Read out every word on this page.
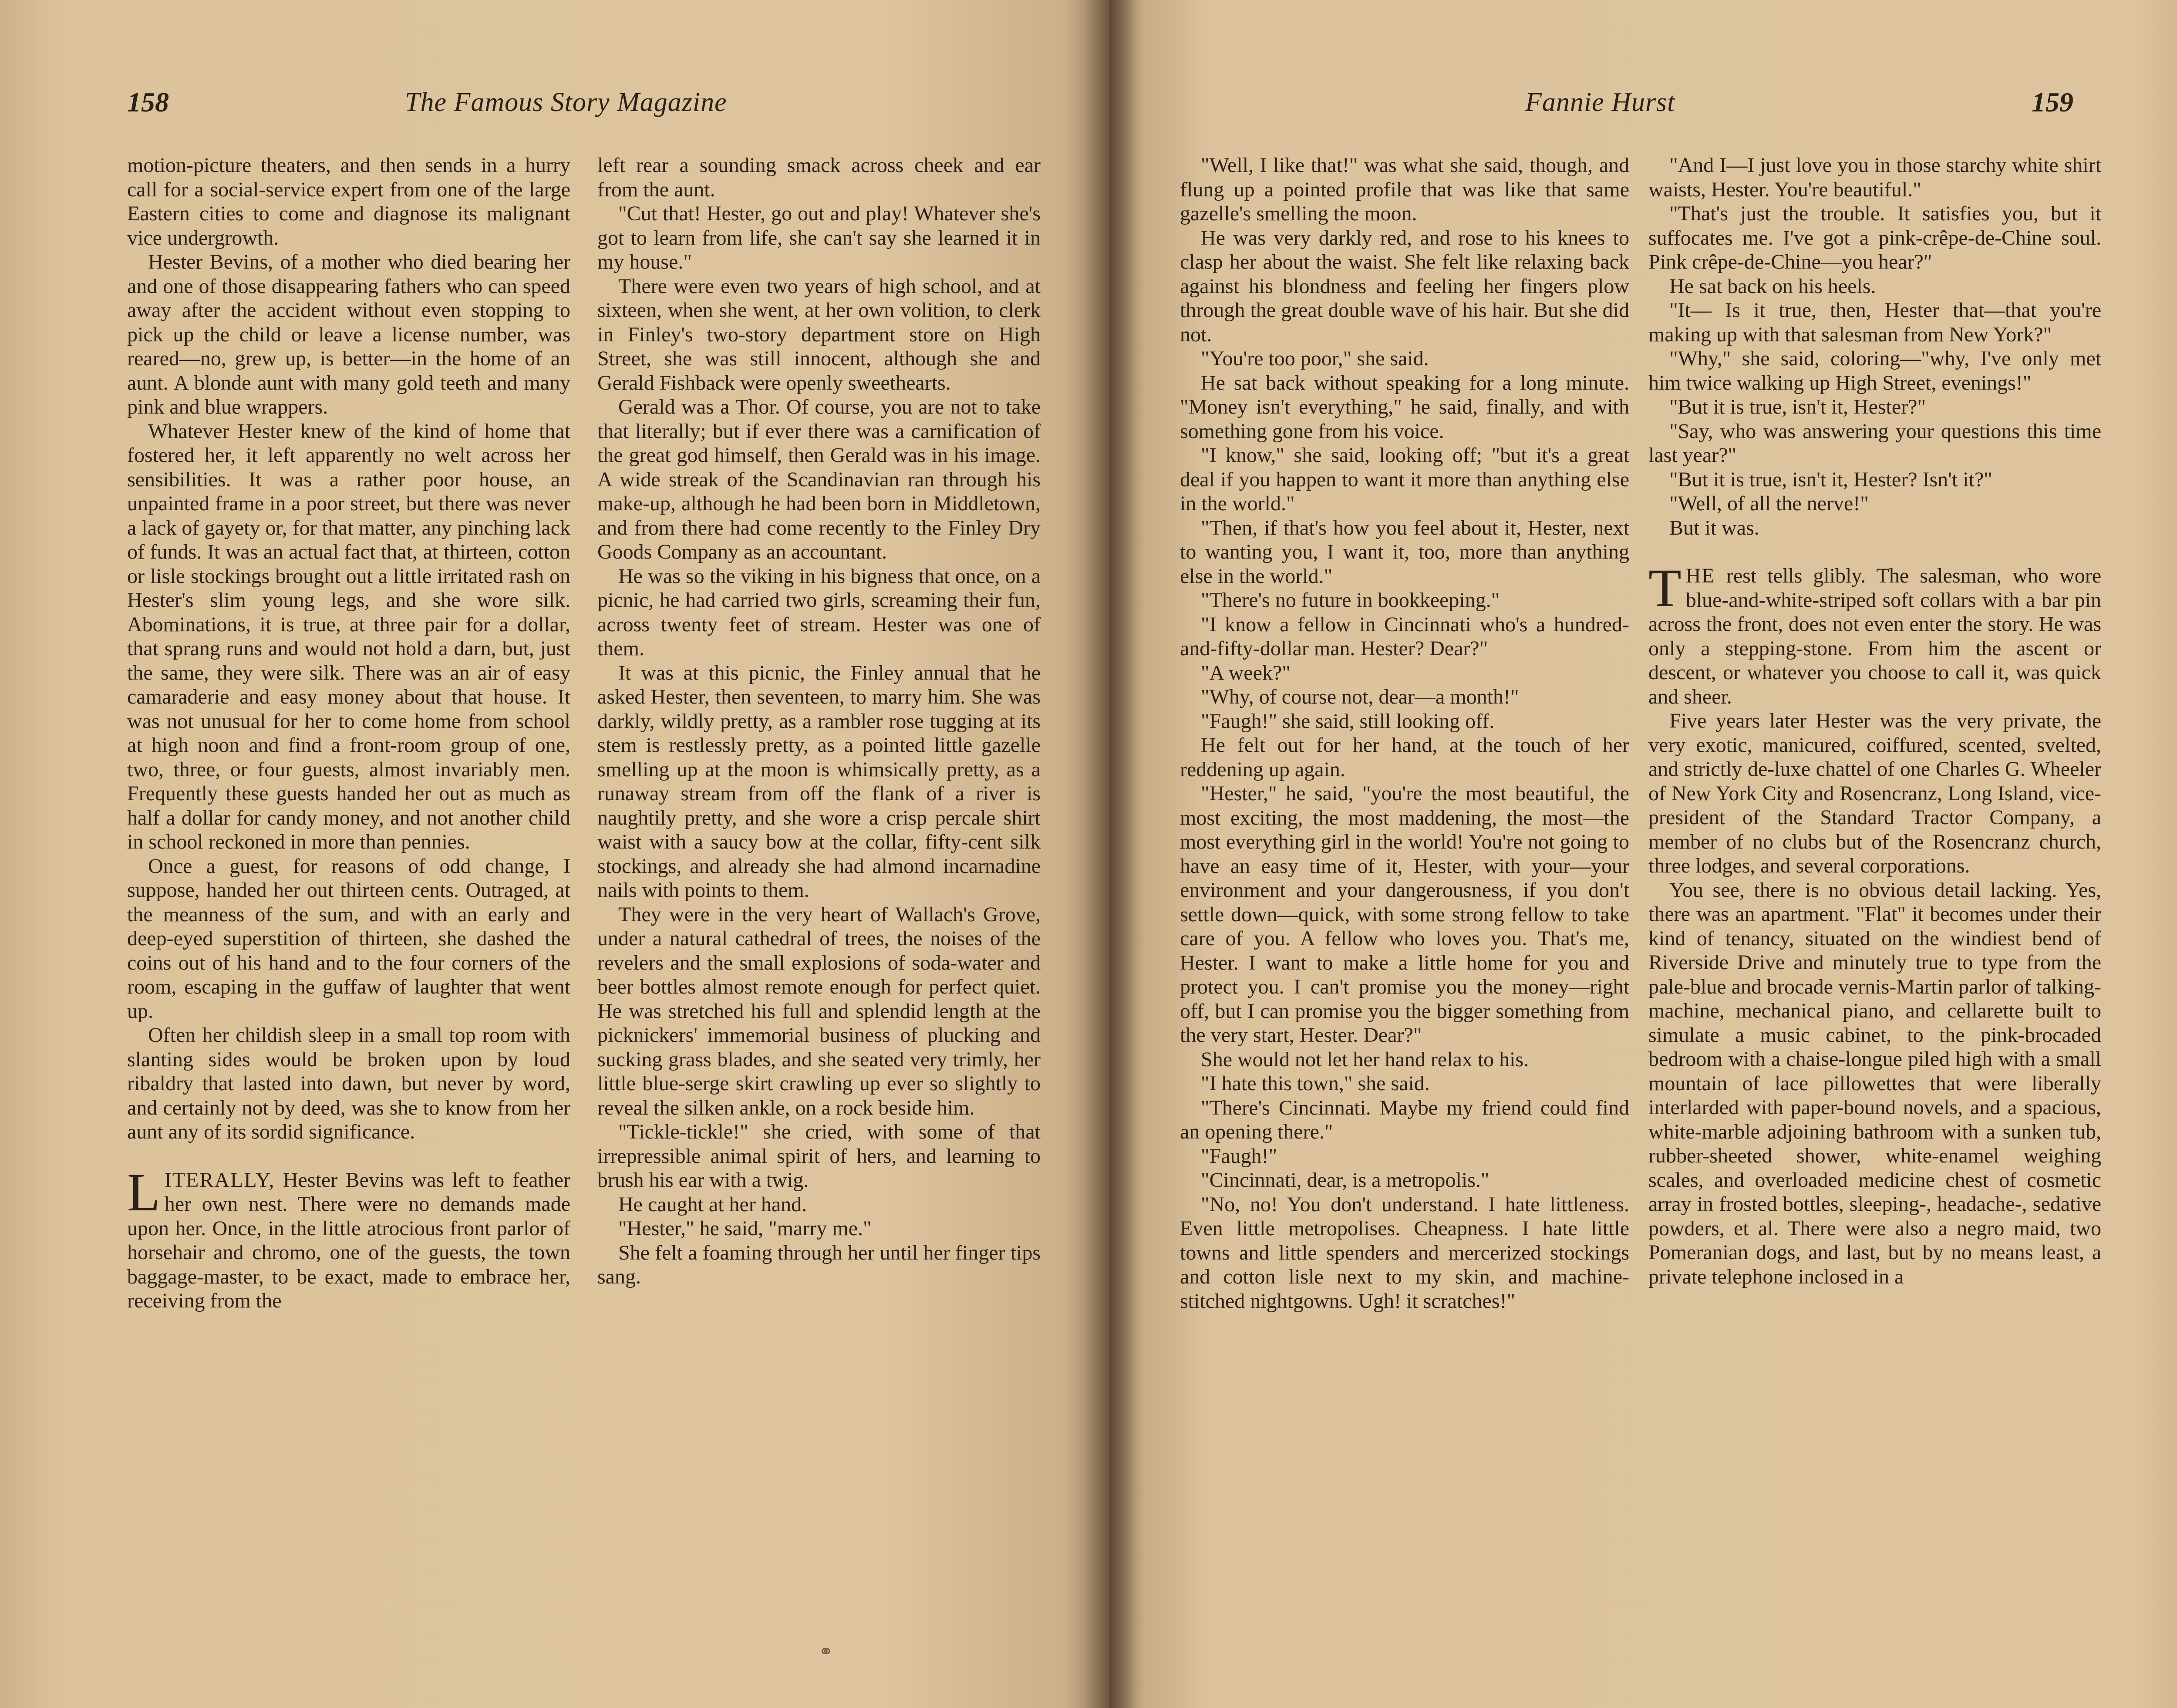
158	The Famous Story Magazine

motion-picture theaters, and then sends in a hurry call for a social-service expert from one of the large Eastern cities to come and diagnose its malignant vice undergrowth.

Hester Bevins, of a mother who died bearing her and one of those disappearing fathers who can speed away after the accident without even stopping to pick up the child or leave a license number, was reared—no, grew up, is better—in the home of an aunt. A blonde aunt with many gold teeth and many pink and blue wrappers.

Whatever Hester knew of the kind of home that fostered her, it left apparently no welt across her sensibilities. It was a rather poor house, an unpainted frame in a poor street, but there was never a lack of gayety or, for that matter, any pinching lack of funds. It was an actual fact that, at thirteen, cotton or lisle stockings brought out a little irritated rash on Hester's slim young legs, and she wore silk. Abominations, it is true, at three pair for a dollar, that sprang runs and would not hold a darn, but, just the same, they were silk. There was an air of easy camaraderie and easy money about that house. It was not unusual for her to come home from school at high noon and find a front-room group of one, two, three, or four guests, almost invariably men. Frequently these guests handed her out as much as half a dollar for candy money, and not another child in school reckoned in more than pennies.

Once a guest, for reasons of odd change, I suppose, handed her out thirteen cents. Outraged, at the meanness of the sum, and with an early and deep-eyed superstition of thirteen, she dashed the coins out of his hand and to the four corners of the room, escaping in the guffaw of laughter that went up.

Often her childish sleep in a small top room with slanting sides would be broken upon by loud ribaldry that lasted into dawn, but never by word, and certainly not by deed, was she to know from her aunt any of its sordid significance.

LITERALLY, Hester Bevins was left to feather her own nest. There were no demands made upon her. Once, in the little atrocious front parlor of horsehair and chromo, one of the guests, the town baggage-master, to be exact, made to embrace her, receiving from the

left rear a sounding smack across cheek and ear from the aunt.

"Cut that! Hester, go out and play! Whatever she's got to learn from life, she can't say she learned it in my house."

There were even two years of high school, and at sixteen, when she went, at her own volition, to clerk in Finley's two-story department store on High Street, she was still innocent, although she and Gerald Fishback were openly sweethearts.

Gerald was a Thor. Of course, you are not to take that literally; but if ever there was a carnification of the great god himself, then Gerald was in his image. A wide streak of the Scandinavian ran through his make-up, although he had been born in Middletown, and from there had come recently to the Finley Dry Goods Company as an accountant.

He was so the viking in his bigness that once, on a picnic, he had carried two girls, screaming their fun, across twenty feet of stream. Hester was one of them.

It was at this picnic, the Finley annual that he asked Hester, then seventeen, to marry him. She was darkly, wildly pretty, as a rambler rose tugging at its stem is restlessly pretty, as a pointed little gazelle smelling up at the moon is whimsically pretty, as a runaway stream from off the flank of a river is naughtily pretty, and she wore a crisp percale shirt waist with a saucy bow at the collar, fifty-cent silk stockings, and already she had almond incarnadine nails with points to them.

They were in the very heart of Wallach's Grove, under a natural cathedral of trees, the noises of the revelers and the small explosions of soda-water and beer bottles almost remote enough for perfect quiet. He was stretched his full and splendid length at the picknickers' immemorial business of plucking and sucking grass blades, and she seated very trimly, her little blue-serge skirt crawling up ever so slightly to reveal the silken ankle, on a rock beside him.

"Tickle-tickle!" she cried, with some of that irrepressible animal spirit of hers, and learning to brush his ear with a twig.

He caught at her hand.

"Hester," he said, "marry me."

She felt a foaming through her until her finger tips sang.

⚭
Fannie Hurst	159

"Well, I like that!" was what she said, though, and flung up a pointed profile that was like that same gazelle's smelling the moon.

He was very darkly red, and rose to his knees to clasp her about the waist. She felt like relaxing back against his blondness and feeling her fingers plow through the great double wave of his hair. But she did not.

"You're too poor," she said.

He sat back without speaking for a long minute. "Money isn't everything," he said, finally, and with something gone from his voice.

"I know," she said, looking off; "but it's a great deal if you happen to want it more than anything else in the world."

"Then, if that's how you feel about it, Hester, next to wanting you, I want it, too, more than anything else in the world."

"There's no future in bookkeeping."

"I know a fellow in Cincinnati who's a hundred-and-fifty-dollar man. Hester? Dear?"

"A week?"

"Why, of course not, dear—a month!"

"Faugh!" she said, still looking off.

He felt out for her hand, at the touch of her reddening up again.

"Hester," he said, "you're the most beautiful, the most exciting, the most maddening, the most—the most everything girl in the world! You're not going to have an easy time of it, Hester, with your—your environment and your dangerousness, if you don't settle down—quick, with some strong fellow to take care of you. A fellow who loves you. That's me, Hester. I want to make a little home for you and protect you. I can't promise you the money—right off, but I can promise you the bigger something from the very start, Hester. Dear?"

She would not let her hand relax to his.

"I hate this town," she said.

"There's Cincinnati. Maybe my friend could find an opening there."

"Faugh!"

"Cincinnati, dear, is a metropolis."

"No, no! You don't understand. I hate littleness. Even little metropolises. Cheapness. I hate little towns and little spenders and mercerized stockings and cotton lisle next to my skin, and machine-stitched nightgowns. Ugh! it scratches!"

"And I—I just love you in those starchy white shirt waists, Hester. You're beautiful."

"That's just the trouble. It satisfies you, but it suffocates me. I've got a pink-crêpe-de-Chine soul. Pink crêpe-de-Chine—you hear?"

He sat back on his heels.

"It— Is it true, then, Hester that—that you're making up with that salesman from New York?"

"Why," she said, coloring—"why, I've only met him twice walking up High Street, evenings!"

"But it is true, isn't it, Hester?"

"Say, who was answering your questions this time last year?"

"But it is true, isn't it, Hester? Isn't it?"

"Well, of all the nerve!"

But it was.

THE rest tells glibly. The salesman, who wore blue-and-white-striped soft collars with a bar pin across the front, does not even enter the story. He was only a stepping-stone. From him the ascent or descent, or whatever you choose to call it, was quick and sheer.

Five years later Hester was the very private, the very exotic, manicured, coiffured, scented, svelted, and strictly de-luxe chattel of one Charles G. Wheeler of New York City and Rosencranz, Long Island, vice-president of the Standard Tractor Company, a member of no clubs but of the Rosencranz church, three lodges, and several corporations.

You see, there is no obvious detail lacking. Yes, there was an apartment. "Flat" it becomes under their kind of tenancy, situated on the windiest bend of Riverside Drive and minutely true to type from the pale-blue and brocade vernis-Martin parlor of talking-machine, mechanical piano, and cellarette built to simulate a music cabinet, to the pink-brocaded bedroom with a chaise-longue piled high with a small mountain of lace pillowettes that were liberally interlarded with paper-bound novels, and a spacious, white-marble adjoining bathroom with a sunken tub, rubber-sheeted shower, white-enamel weighing scales, and overloaded medicine chest of cosmetic array in frosted bottles, sleeping-, headache-, sedative powders, et al. There were also a negro maid, two Pomeranian dogs, and last, but by no means least, a private telephone inclosed in a
